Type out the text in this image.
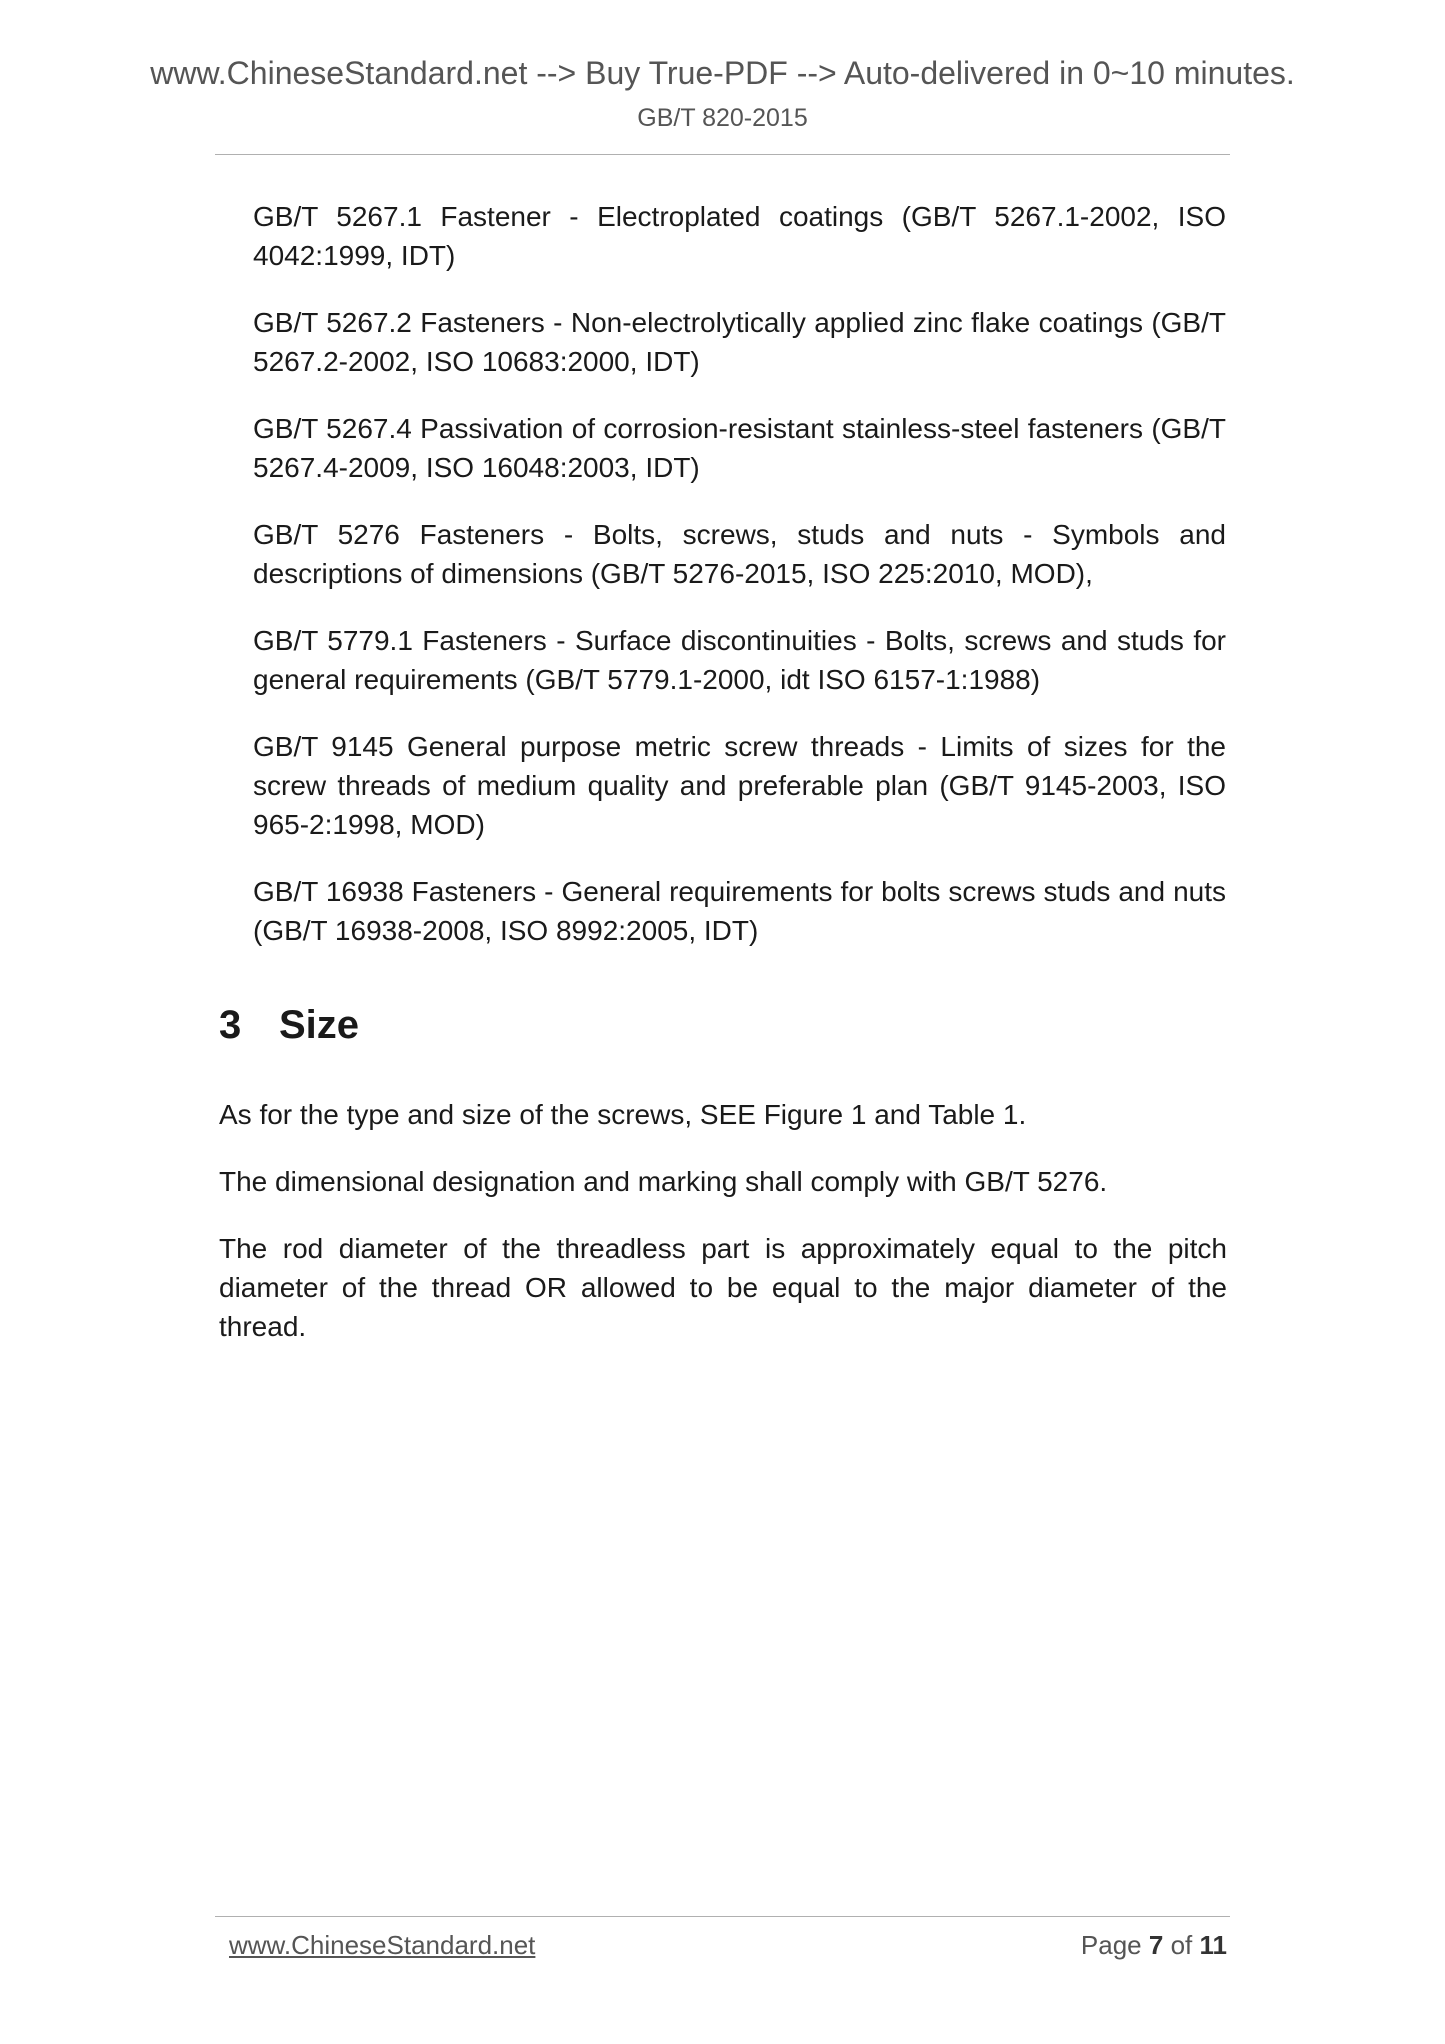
www.ChineseStandard.net --> Buy True-PDF --> Auto-delivered in 0~10 minutes.
GB/T 820-2015

GB/T 5267.1 Fastener - Electroplated coatings (GB/T 5267.1-2002, ISO 4042:1999, IDT)

GB/T 5267.2 Fasteners - Non-electrolytically applied zinc flake coatings (GB/T 5267.2-2002, ISO 10683:2000, IDT)

GB/T 5267.4 Passivation of corrosion-resistant stainless-steel fasteners (GB/T 5267.4-2009, ISO 16048:2003, IDT)

GB/T 5276 Fasteners - Bolts, screws, studs and nuts - Symbols and descriptions of dimensions (GB/T 5276-2015, ISO 225:2010, MOD),

GB/T 5779.1 Fasteners - Surface discontinuities - Bolts, screws and studs for general requirements (GB/T 5779.1-2000, idt ISO 6157-1:1988)

GB/T 9145 General purpose metric screw threads - Limits of sizes for the screw threads of medium quality and preferable plan (GB/T 9145-2003, ISO 965-2:1998, MOD)

GB/T 16938 Fasteners - General requirements for bolts screws studs and nuts (GB/T 16938-2008, ISO 8992:2005, IDT)

3 Size

As for the type and size of the screws, SEE Figure 1 and Table 1.

The dimensional designation and marking shall comply with GB/T 5276.

The rod diameter of the threadless part is approximately equal to the pitch diameter of the thread OR allowed to be equal to the major diameter of the thread.

www.ChineseStandard.net	Page 7 of 11
